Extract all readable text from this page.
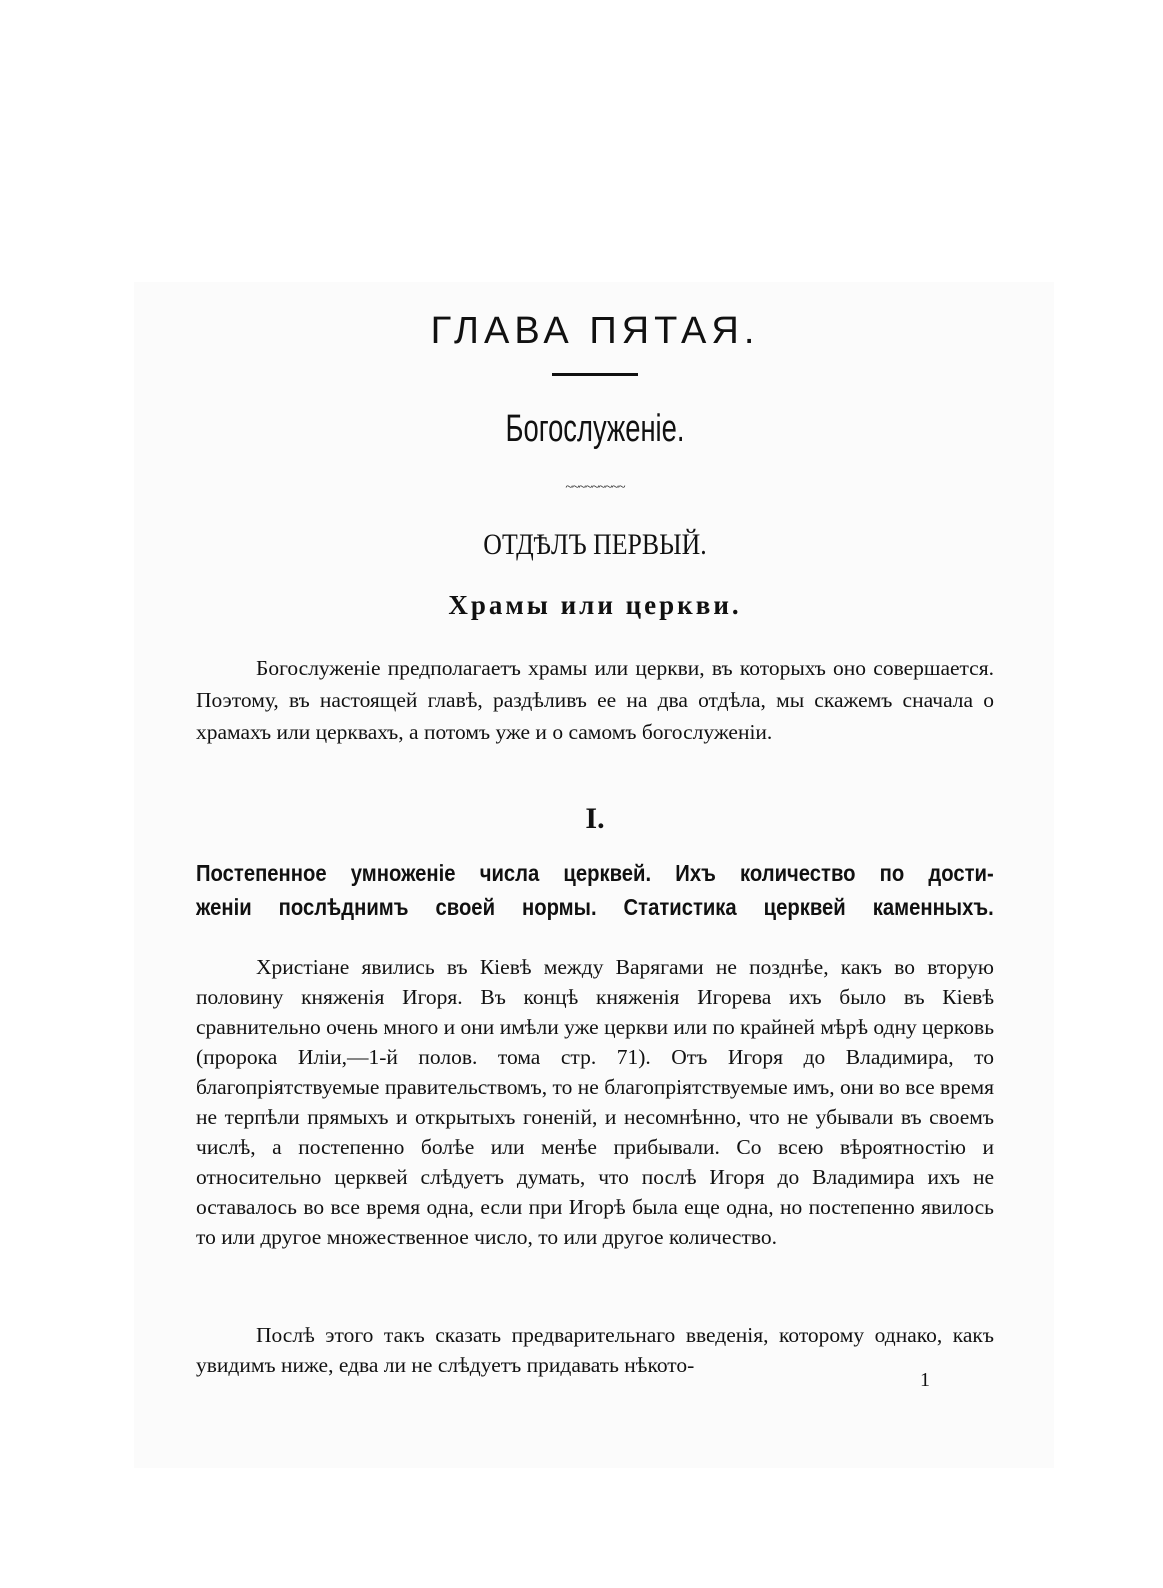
ГЛАВА ПЯТАЯ.
Богослуженіе.
~~~~~~~~~
ОТДѢЛЪ ПЕРВЫЙ.
Храмы или церкви.

Богослуженіе предполагаетъ храмы или церкви, въ которыхъ оно совершается. Поэтому, въ настоящей главѣ, раздѣливъ ее на два отдѣла, мы скажемъ сначала о храмахъ или церквахъ, а потомъ уже и о самомъ богослуженіи.

I.
Постепенное умноженіе числа церквей. Ихъ количество по дости-
женіи послѣднимъ своей нормы. Статистика церквей каменныхъ.

Христіане явились въ Кіевѣ между Варягами не позднѣе, какъ во вторую половину княженія Игоря. Въ концѣ княженія Игорева ихъ было въ Кіевѣ сравнительно очень много и они имѣли уже церкви или по крайней мѣрѣ одну церковь (пророка Иліи,—1-й полов. тома стр. 71). Отъ Игоря до Владимира, то благопріятствуемые правительствомъ, то не благопріятствуемые имъ, они во все время не терпѣли прямыхъ и открытыхъ гоненій, и несомнѣнно, что не убывали въ своемъ числѣ, а постепенно болѣе или менѣе прибывали. Со всею вѣроятностію и относительно церквей слѣдуетъ думать, что послѣ Игоря до Владимира ихъ не оставалось во все время одна, если при Игорѣ была еще одна, но постепенно явилось то или другое множественное число, то или другое количество.

Послѣ этого такъ сказать предварительнаго введенія, которому однако, какъ увидимъ ниже, едва ли не слѣдуетъ придавать нѣкото-

1
